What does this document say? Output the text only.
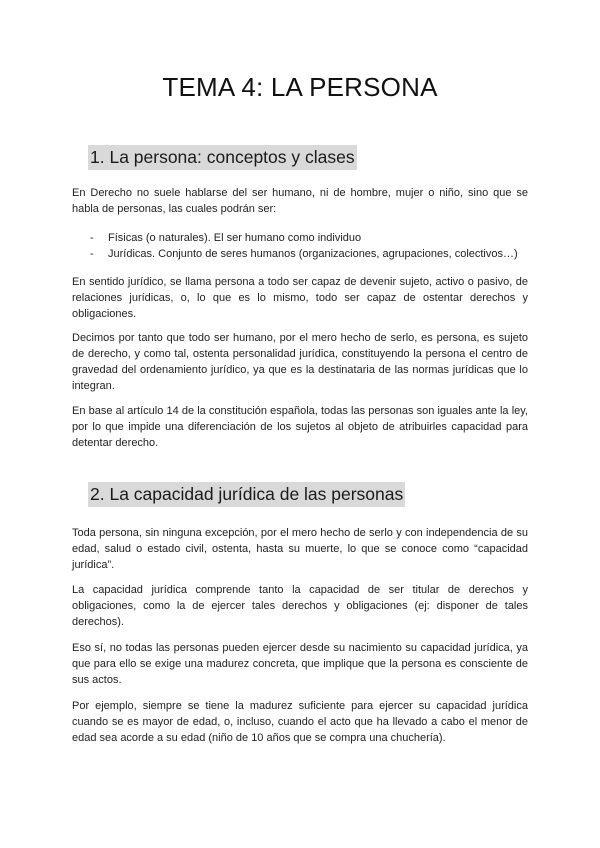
TEMA 4: LA PERSONA
1. La persona: conceptos y clases

En Derecho no suele hablarse del ser humano, ni de hombre, mujer o niño, sino que se habla de personas, las cuales podrán ser:

- Físicas (o naturales). El ser humano como individuo
- Jurídicas. Conjunto de seres humanos (organizaciones, agrupaciones, colectivos…)

En sentido jurídico, se llama persona a todo ser capaz de devenir sujeto, activo o pasivo, de relaciones jurídicas, o, lo que es lo mismo, todo ser capaz de ostentar derechos y obligaciones.

Decimos por tanto que todo ser humano, por el mero hecho de serlo, es persona, es sujeto de derecho, y como tal, ostenta personalidad jurídica, constituyendo la persona el centro de gravedad del ordenamiento jurídico, ya que es la destinataria de las normas jurídicas que lo integran.

En base al artículo 14 de la constitución española, todas las personas son iguales ante la ley, por lo que impide una diferenciación de los sujetos al objeto de atribuirles capacidad para detentar derecho.

2. La capacidad jurídica de las personas

Toda persona, sin ninguna excepción, por el mero hecho de serlo y con independencia de su edad, salud o estado civil, ostenta, hasta su muerte, lo que se conoce como “capacidad jurídica”.

La capacidad jurídica comprende tanto la capacidad de ser titular de derechos y obligaciones, como la de ejercer tales derechos y obligaciones (ej: disponer de tales derechos).

Eso sí, no todas las personas pueden ejercer desde su nacimiento su capacidad jurídica, ya que para ello se exige una madurez concreta, que implique que la persona es consciente de sus actos.

Por ejemplo, siempre se tiene la madurez suficiente para ejercer su capacidad jurídica cuando se es mayor de edad, o, incluso, cuando el acto que ha llevado a cabo el menor de edad sea acorde a su edad (niño de 10 años que se compra una chuchería).
